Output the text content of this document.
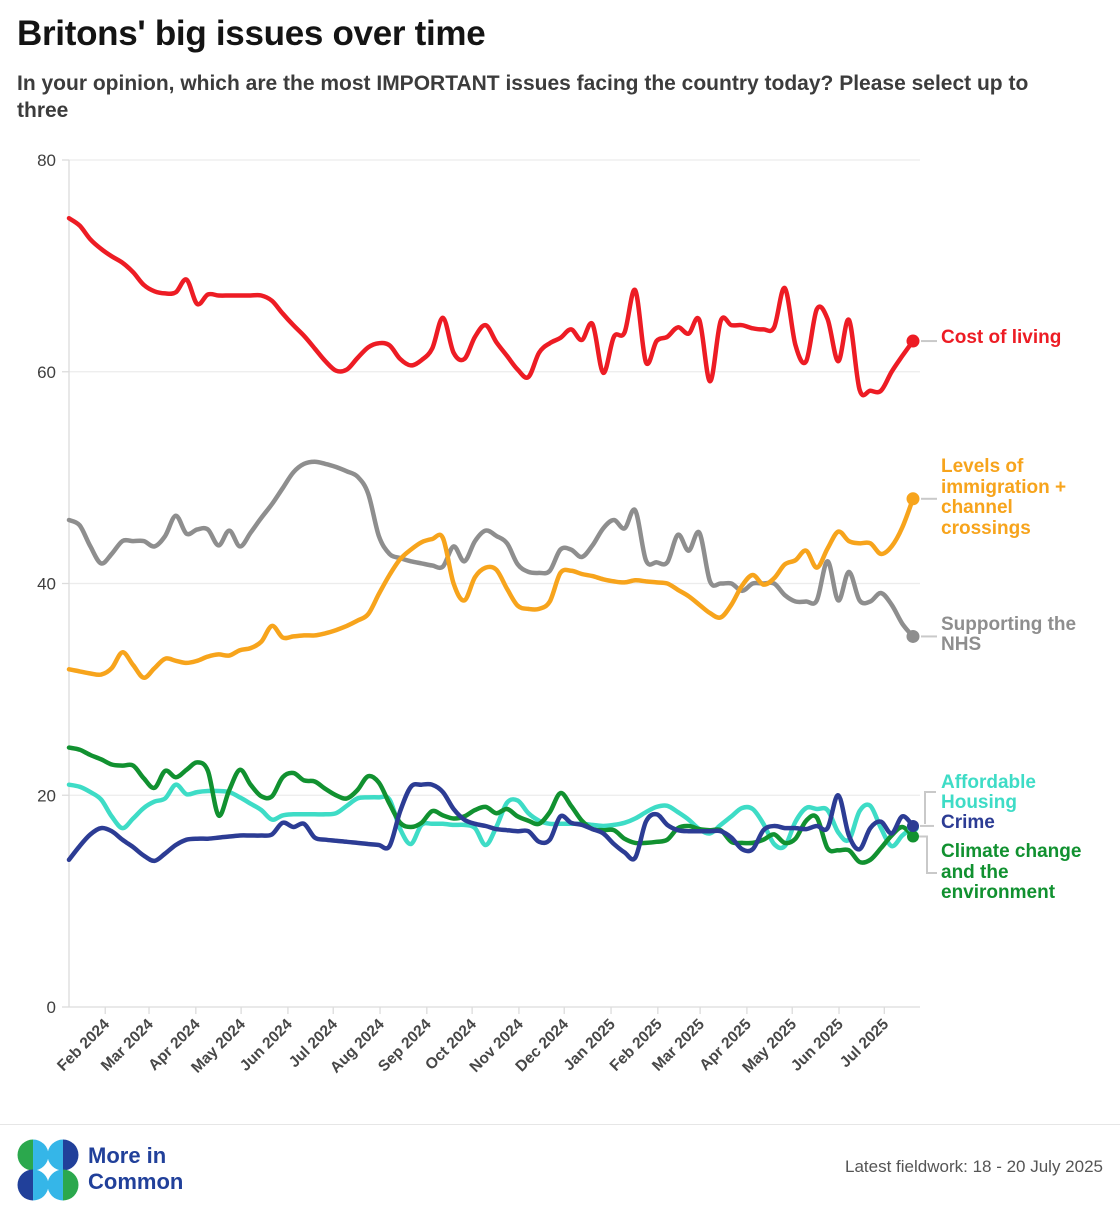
Britons' big issues over time

In your opinion, which are the most IMPORTANT issues facing the country today? Please select up to three

0
20
40
60
80
Feb 2024
Mar 2024
Apr 2024
May 2024
Jun 2024
Jul 2024
Aug 2024
Sep 2024
Oct 2024
Nov 2024
Dec 2024
Jan 2025
Feb 2025
Mar 2025
Apr 2025
May 2025
Jun 2025
Jul 2025
Cost of living
Levels of
immigration +
channel
crossings
Supporting the
NHS
Affordable
Housing
Crime
Climate change
and the
environment
More in
Common
Latest fieldwork: 18 - 20 July 2025
